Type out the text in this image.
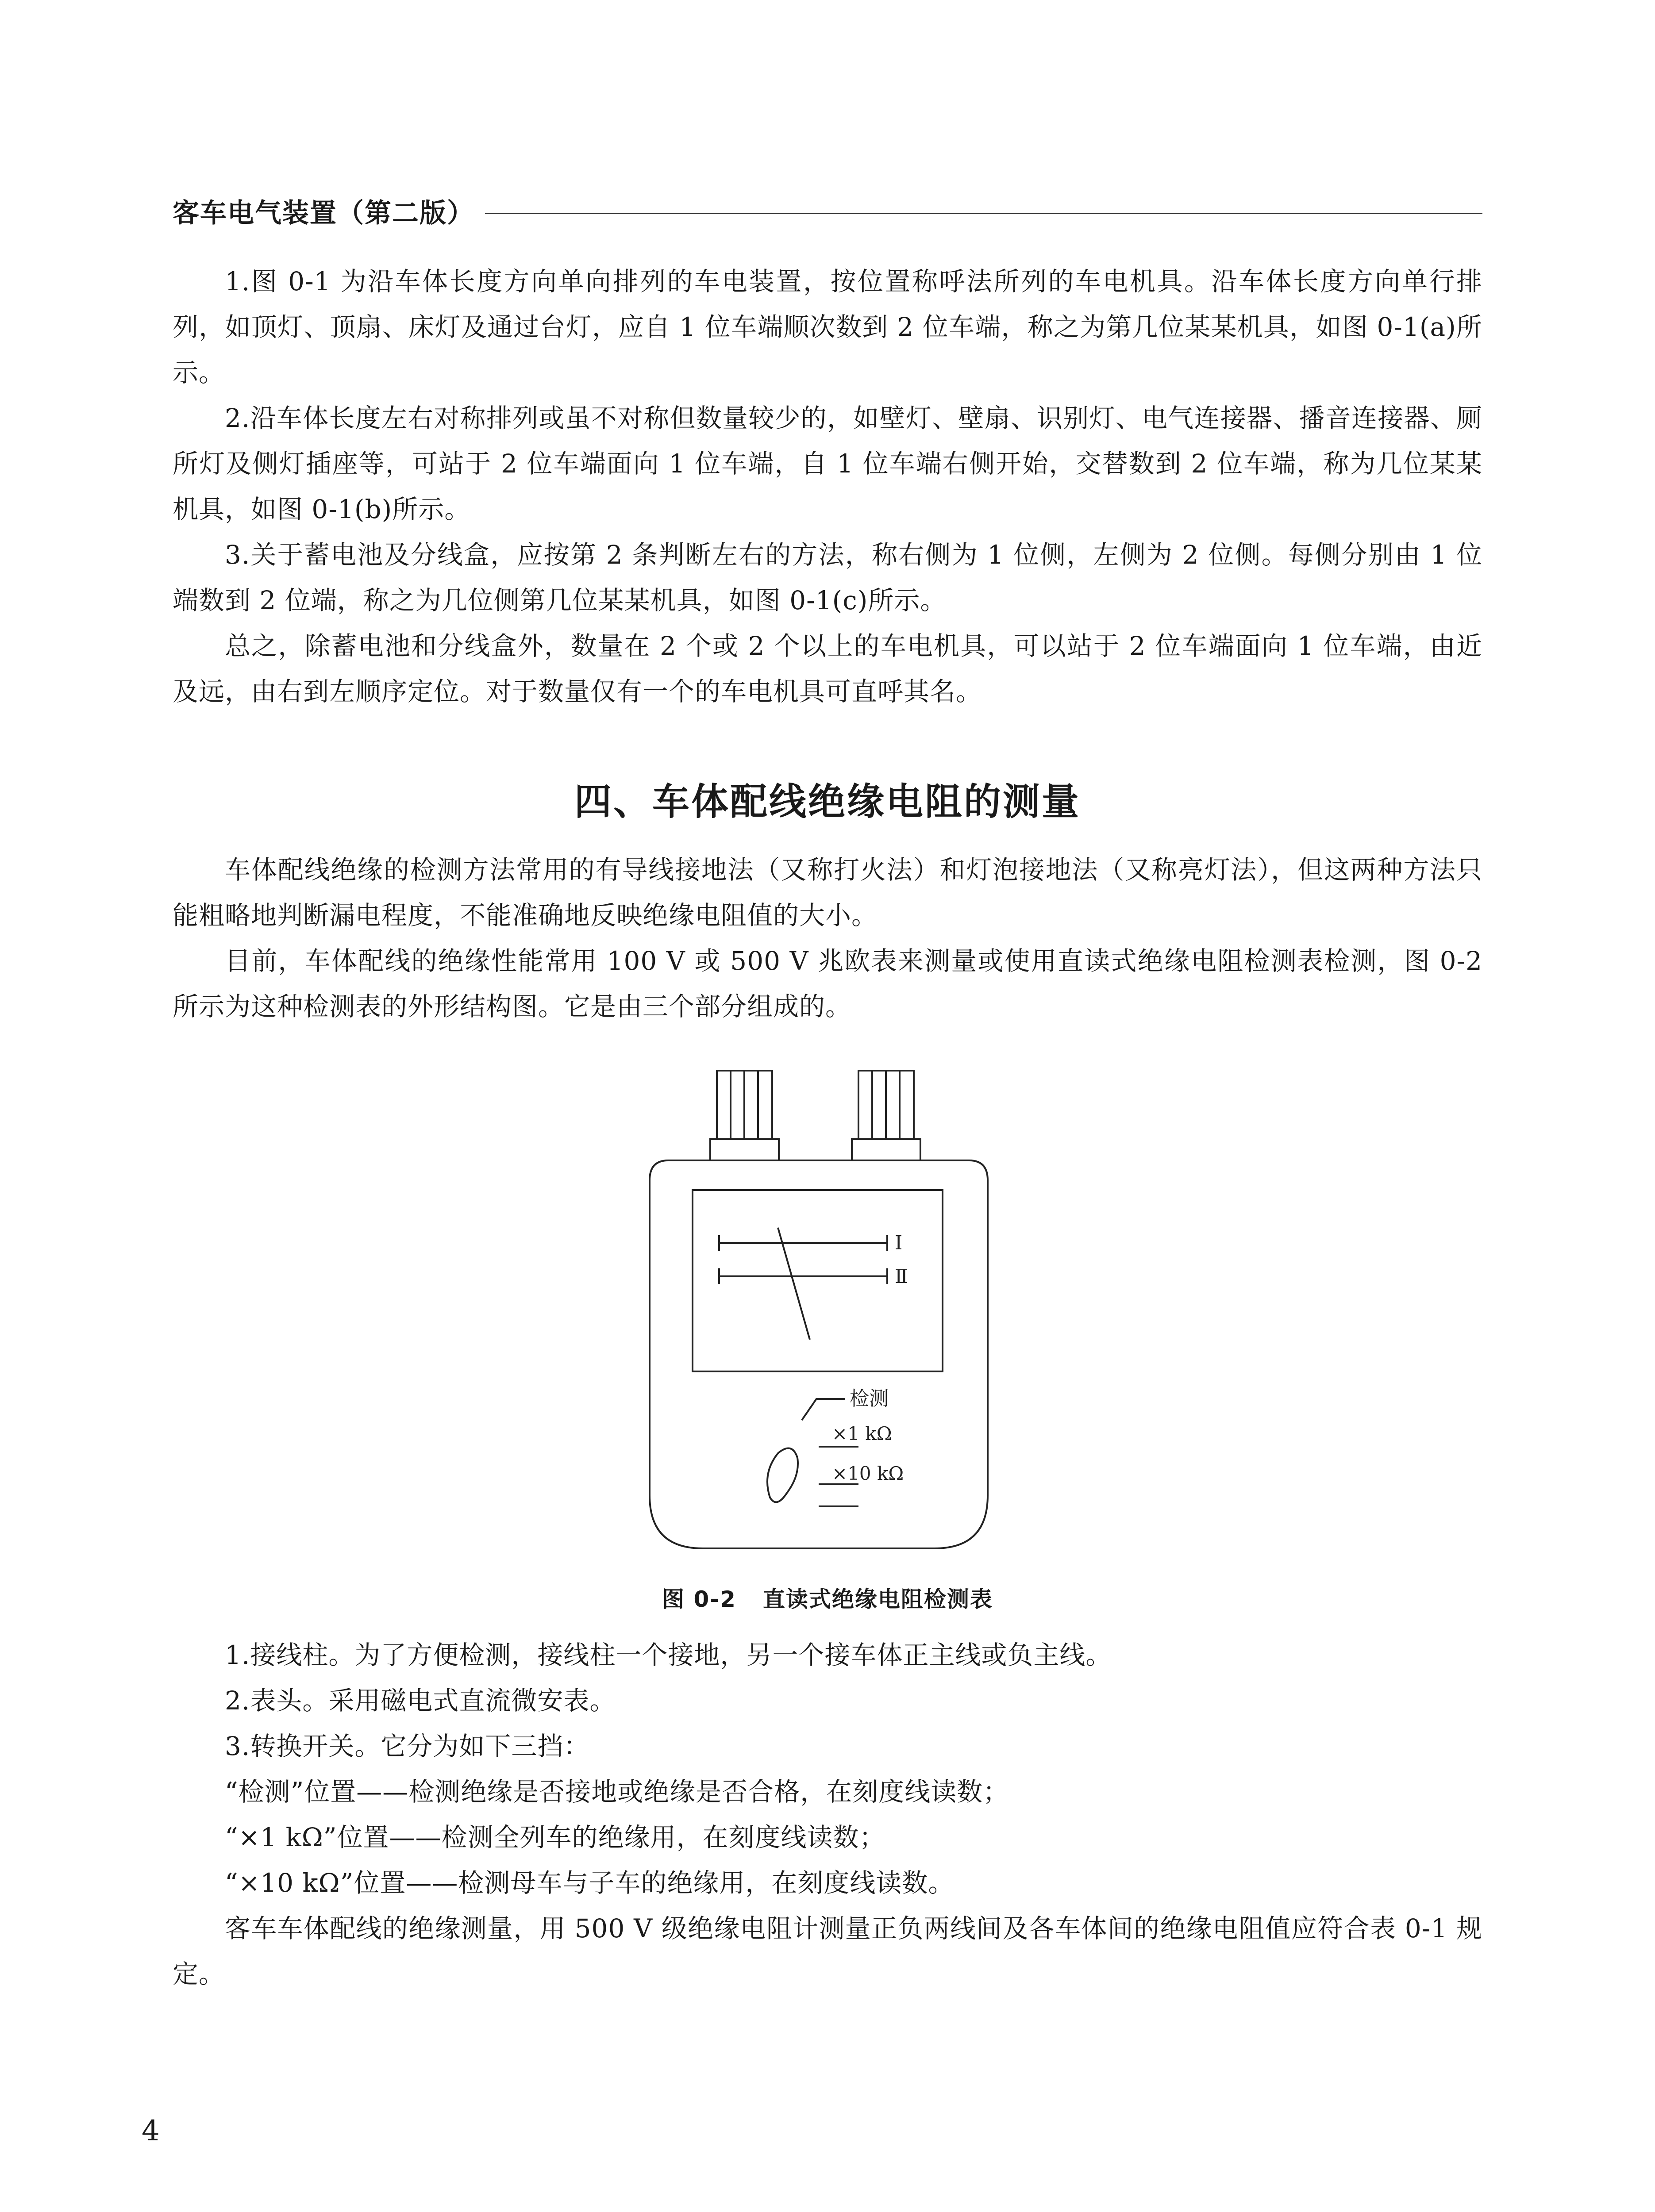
客车电气装置（第二版）

1.图 0-1 为沿车体长度方向单向排列的车电装置，按位置称呼法所列的车电机具。沿车体长度方向单行排列，如顶灯、顶扇、床灯及通过台灯，应自 1 位车端顺次数到 2 位车端，称之为第几位某某机具，如图 0-1(a)所示。

2.沿车体长度左右对称排列或虽不对称但数量较少的，如壁灯、壁扇、识别灯、电气连接器、播音连接器、厕所灯及侧灯插座等，可站于 2 位车端面向 1 位车端，自 1 位车端右侧开始，交替数到 2 位车端，称为几位某某机具，如图 0-1(b)所示。

3.关于蓄电池及分线盒，应按第 2 条判断左右的方法，称右侧为 1 位侧，左侧为 2 位侧。每侧分别由 1 位端数到 2 位端，称之为几位侧第几位某某机具，如图 0-1(c)所示。

总之，除蓄电池和分线盒外，数量在 2 个或 2 个以上的车电机具，可以站于 2 位车端面向 1 位车端，由近及远，由右到左顺序定位。对于数量仅有一个的车电机具可直呼其名。

四、车体配线绝缘电阻的测量

车体配线绝缘的检测方法常用的有导线接地法（又称打火法）和灯泡接地法（又称亮灯法），但这两种方法只能粗略地判断漏电程度，不能准确地反映绝缘电阻值的大小。

目前，车体配线的绝缘性能常用 100 V 或 500 V 兆欧表来测量或使用直读式绝缘电阻检测表检测，图 0-2 所示为这种检测表的外形结构图。它是由三个部分组成的。

Ⅰ
Ⅱ
检测
×1 kΩ
×10 kΩ
图 0-2 直读式绝缘电阻检测表

1.接线柱。为了方便检测，接线柱一个接地，另一个接车体正主线或负主线。

2.表头。采用磁电式直流微安表。

3.转换开关。它分为如下三挡：

“检测”位置——检测绝缘是否接地或绝缘是否合格，在刻度线读数；

“×1 kΩ”位置——检测全列车的绝缘用，在刻度线读数；

“×10 kΩ”位置——检测母车与子车的绝缘用，在刻度线读数。

客车车体配线的绝缘测量，用 500 V 级绝缘电阻计测量正负两线间及各车体间的绝缘电阻值应符合表 0-1 规定。

4
